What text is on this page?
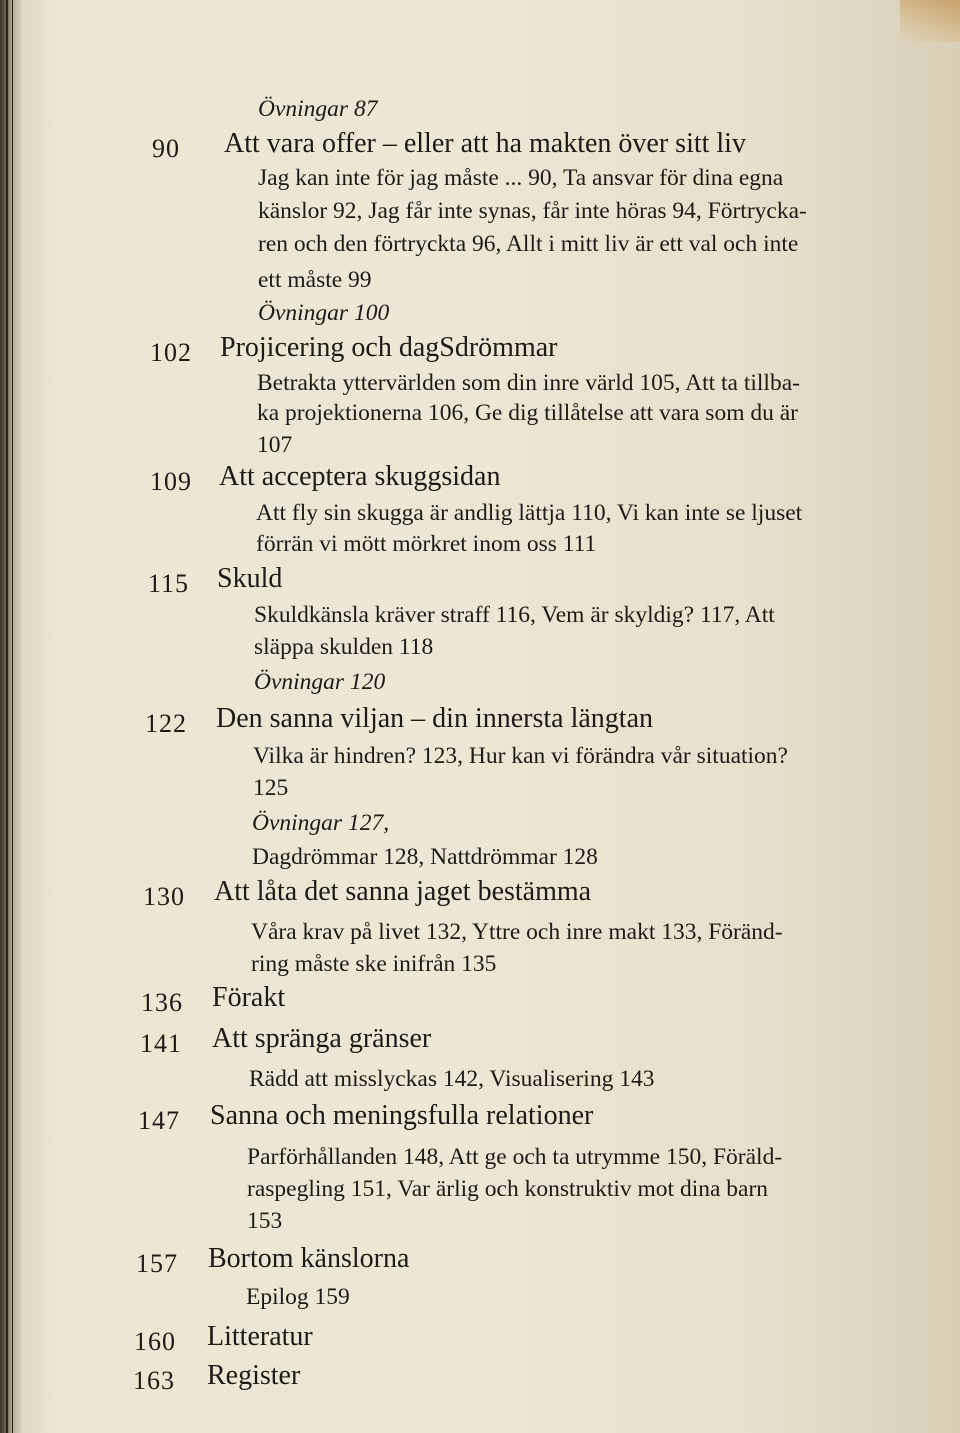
Övningar 87
90 Att vara offer – eller att ha makten över sitt liv
Jag kan inte för jag måste ... 90, Ta ansvar för dina egna
känslor 92, Jag får inte synas, får inte höras 94, Förtrycka-
ren och den förtryckta 96, Allt i mitt liv är ett val och inte
ett måste 99
Övningar 100
102 Projicering och dagSdrömmar
Betrakta yttervärlden som din inre värld 105, Att ta tillba-
ka projektionerna 106, Ge dig tillåtelse att vara som du är
107
109 Att acceptera skuggsidan
Att fly sin skugga är andlig lättja 110, Vi kan inte se ljuset
förrän vi mött mörkret inom oss 111
115 Skuld
Skuldkänsla kräver straff 116, Vem är skyldig? 117, Att
släppa skulden 118
Övningar 120
122 Den sanna viljan – din innersta längtan
Vilka är hindren? 123, Hur kan vi förändra vår situation?
125
Övningar 127,
Dagdrömmar 128, Nattdrömmar 128
130 Att låta det sanna jaget bestämma
Våra krav på livet 132, Yttre och inre makt 133, Föränd-
ring måste ske inifrån 135
136 Förakt
141 Att spränga gränser
Rädd att misslyckas 142, Visualisering 143
147 Sanna och meningsfulla relationer
Parförhållanden 148, Att ge och ta utrymme 150, Föräld-
raspegling 151, Var ärlig och konstruktiv mot dina barn
153
157 Bortom känslorna
Epilog 159
160 Litteratur
163 Register
